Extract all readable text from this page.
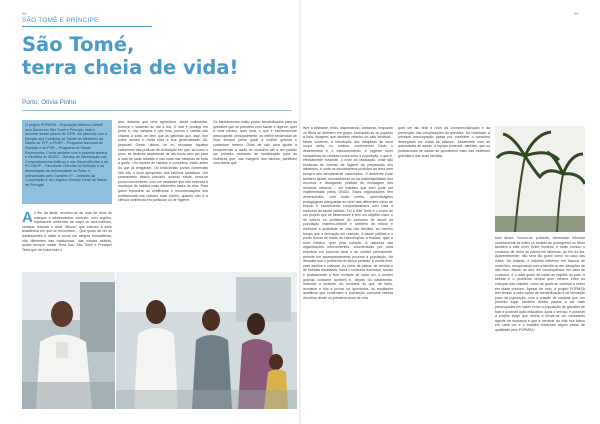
98	99
SÃO TOMÉ E PRÍNCIPE
São Tomé,
terra cheia de vida!
Porto, Olívia Pinho
O projeto POPMSA – População Materno-Infantil sem Álcool em São Tomé e Príncipe, está a decorrer desde janeiro de 2009, em parceria com a Direção dos Cuidados de Saúde do Ministério da Saúde de STP, o PNSR – Programa Nacional de Nutrição e do PSR – Programa de Saúde Reprodutiva. Conta também com a parceria técnica e científica do MGED – Serviço de Intervenção nos Comportamentos Aditivos e nas Dependências e da PC-NAUP – Faculdade Ciências da Nutrição e da Alimentação da Universidade do Porto, e cofinanciado pelo Camões I.P. – Instituto da Cooperação e da Língua e Direção Geral da Saúde de Portugal.
A o fim da tarde, enchem-se as ruas de risos de crianças e adolescentes; sorrindo, com orgulho, impecáveis uniformes de caqui ou azul-marinho, camisas brancas e anos "álbous" que indicam a série académica em que se encontram… Que gosto dá ver os adolescentes a saltar à corda em alegres brincadeiras, não diferentes das tradicionais, das nossas aldeias, quase sempre rurais! Terra boa, São Tomé e Príncipe! Terra que dá frutos todo o
ano, dotando que uma agricultura, ainda rudimentar, forneça o sustento do dia a dia. O mar é pródigo em peixe e, nos campos e nas ruas, porcos e cabras são criados à solta, se bem que as galinhas que, aqui, tive sobre andam e muita toda a sua generosidade. Ali, pessoas! Gente, lábios, se eu recuasse àqueles cafezinhos das práticas de civilização em que, tal como o povo, se dedicam atualmente de um modo sem par para a vida de cada cidadão e nas suas nas mesmas de toda a gente. Um sanear de hábitos e conceitos, muito antes do que já chegaram. Os tradicionais portos comerciais não são o local apropriado dos fabricos tantalicos. Um saneamento básico precário, quando existe, torna-se pouco conveniente, com um ambiente que não estimula à mudança de hábitos mais diferentes fases da vida. Para quem encontrar as evidências e recomendações dos profissionais nas classes mais jovens, quando não é a ciência conhecida em particular ou de higiene.
Os santomenses estão pouco sensibilizados para as questões que se prendem com saúde e higiene, quer a nível urbano, quer rural, o que é extremamente preocupante, principalmente, ao definir tendências de risco sempre pelas quais a mulher grávida e sustentam mesmo Olhar de raiz para ajudar a compreender a razão do consumo até a um padrão um primeiro momento de socialização para as mulheres que, nas margens dos riachos, partilham uma tarefa que
livre à atividade, riedo, taquestando, contando, enquanto os filhos se divertem em grupo, banhando-se ou jogando à bola. Imagens que também retenho do sítio informal... Neste contexto, a introdução dos máquinas de lavar roupa seria, no mínimo, controversa! Dado o desinteresse e o esmorecimento, é urgente fazer campanhas de conduta cívica entre a população, o que é, efetivamente evidente, o nível da realização, onde são escassas as normas de higiene na preparação dos alimentos, e onde os escoamentos produtos da terra nem sempre são devidamente valorizados. O ambiente pode também ajudar, aconselhando-se na sustentabilidade dos recursos e divulgando práticas de reciclagem dos resíduos urbanos – um trabalho que bem pode ser implementado pelas ONGD. Estas organizações têm desenvolvido, com muito mérito, aprendizagens pedagógicas adequadas ao nível das diferentes ciclos de estudo e incentivando comportamentos com vista à melhoria da saúde pública. Foi a São Tomé é o nome de um projeto que se desenvolve e têm um objetivo claro: o de intervir no problema do consumo de álcool na população materno-infantil e também de elevar e melhorar a qualidade de vida das famílias, ao mesmo tempo que a formação em nutrição. A saúde pública é o ponto fulcral de todas as intervenções a realizar, quer a nível médico, quer pela nutrição. A natureza das organizações intervenientes, coordenadas por uma estrutura em parceria local e de caráter permanente, permite um acompanhamento próximo à população. Há décadas que o problema do álcool persiste. A venda livre, para adultos e crianças, do vinho de palma, de cerveja e de bebidas destiladas, torna o consumo acessível, barato e praticamente à livre vontade de cada um. A mulher grávida consome também e, depois do nascimento, inclusive a lactante. Ao contrário do que, de facto, acontece e fica a provar na ignorância, os resultados analíticos que confirmam a população consome bebida alcoólica desde os primeiros anos de vida.
quer um ato final a nível da consciencialização e da prevenção das complicações da gravidez. Na realidade, a principal preocupação passa por combater o consumo desregrado em todas as classes. Juntamente com as autoridades de saúde, a equipa pretende, também, que os profissionais de saúde se aproximem mais das mulheres grávidas e das suas famílias.
tiam álcool. Tornou-se, portanto, necessário informar corretamente as mães no sentido de protegerem os filhos também a este nível. Entre homens, é muito comum o consumo de vinho de palma em tabernas, ao fim do dia. Aparentemente, não será tão grave como no caso das mães. No entanto, é habitual beberem em frascos de muito litro, recuperando com a família ou em situações de alto risco. Assim, ao ano, em consequência, em caso de consumo, é o mais grave de todas as regiões do país. A bebida é o problema central quer mesmo entre as crianças das cidades, como as quais se começa a beber em idade precoce. Apesar de tudo, a projeto POPMSA tem levado a cabo ações de sensibilização e de formação junto da população, com a criação de equipas que, em primeiro lugar, também devem passar a ser mais preocupadas em saber como a população de gravidez de fácil e possível ação educativa. Após o serviço, é possível a projeto exigir que venha a tornar-se um verdadeiro agente de mudança e que a verdade da vida nos lábios em cada um e o trabalho traduzam algum passo de qualidade pelo POPMSA.
